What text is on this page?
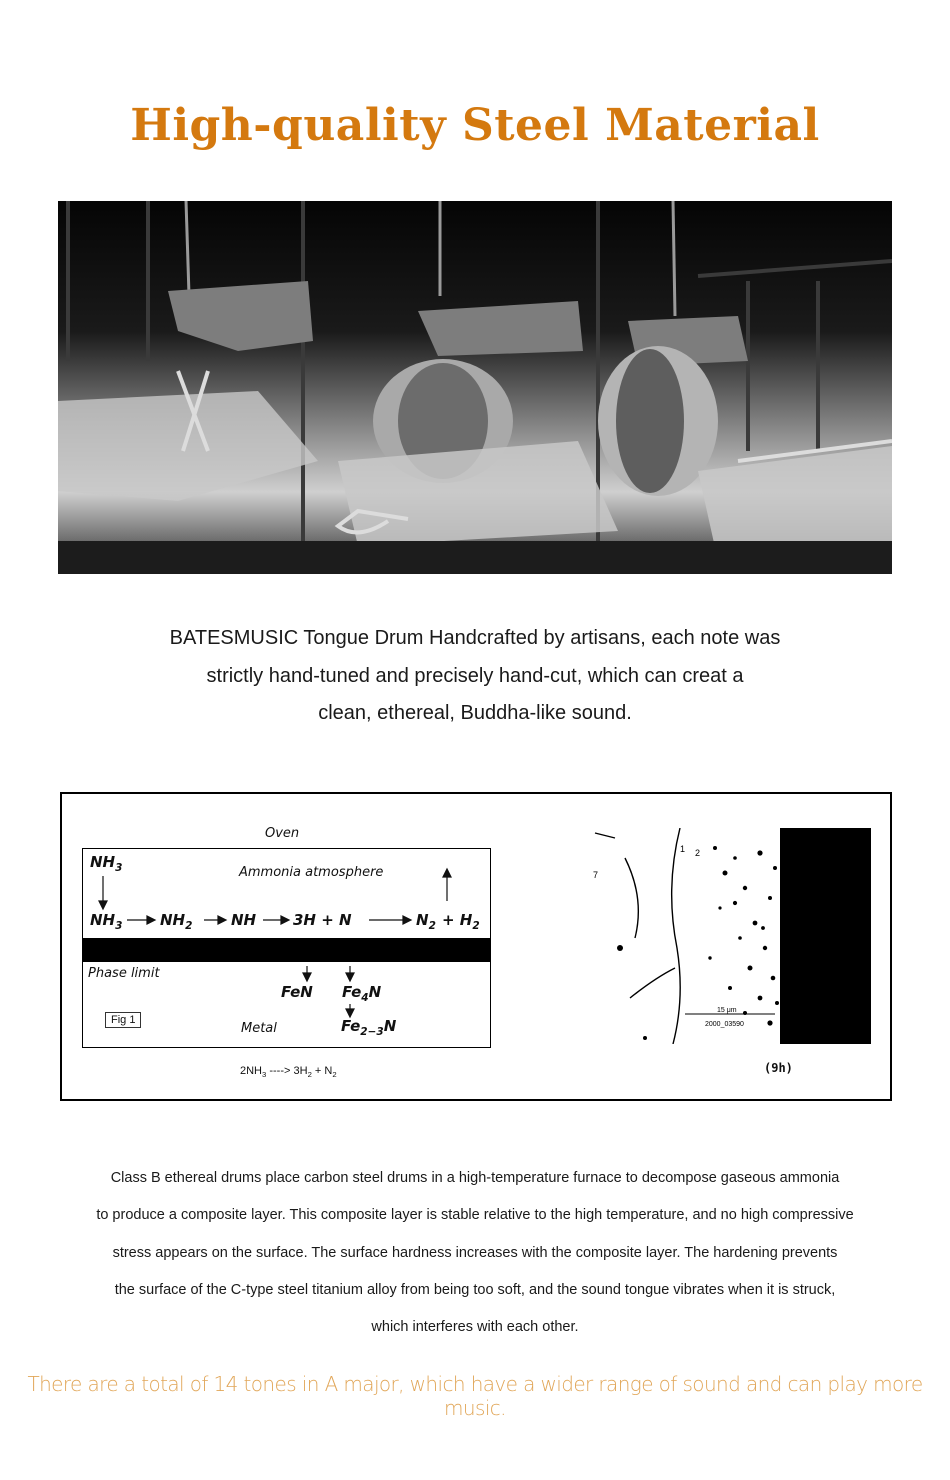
High-quality Steel Material
BATESMUSIC Tongue Drum Handcrafted by artisans, each note was
strictly hand-tuned and precisely hand-cut, which can creat a
clean, ethereal, Buddha-like sound.
Oven
$NH_3$	Ammonia atmosphere
$NH_3$	$NH_2$	NH 3H + N	$N_2 + H_2$
Phase limit
FeN $Fe_4N$
$Fe_{2-3}N$
Metal
Fig 1
$2NH_3$ ----> $3H_2 + N_2$
2
7
1
15 μm
2000_03590
(9h)
Class B ethereal drums place carbon steel drums in a high-temperature furnace to decompose gaseous ammonia
to produce a composite layer. This composite layer is stable relative to the high temperature, and no high compressive
stress appears on the surface. The surface hardness increases with the composite layer. The hardening prevents
the surface of the C-type steel titanium alloy from being too soft, and the sound tongue vibrates when it is struck,
which interferes with each other.
There are a total of 14 tones in A major, which have a wider range of sound and can play more music.
